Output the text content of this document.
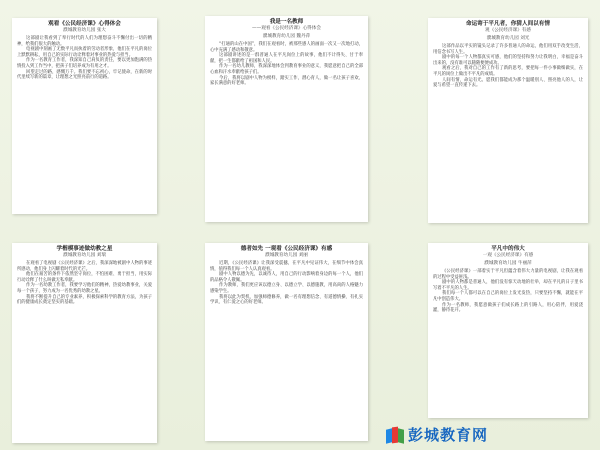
观看《公民经济课》心得体会

濮城教育幼儿园 张大

这部剧让我看到了奉行时代的人们为理想奋斗不懈付出一切的精神，给我们很大的触动。

电视剧中刻画了无数平凡而执着的劳动者形象，他们在平凡的岗位上默默耕耘，用自己的实际行动诠释着对事业的热爱与担当。

作为一名教育工作者，我深知自己肩负的责任，要以更加饱满的热情投入到工作当中，把孩子们培养成为有用之才。

回望走过的路，感慨万千。我们要不忘初心，牢记使命，在新的时代里续写新的篇章，让理想之光照亮前行的道路。

我是一名教师

——观看《公民经济课》心得体会

濮城教育幼儿园 魏丹萍

“打通的山在中国”，我们在观看时，被那些感人的画面一次又一次地打动，心中充满了感动和敬意。

这部剧讲述的是一群普通人在平凡岗位上的故事，他们不计得失、甘于奉献，把一生都献给了祖国和人民。

作为一名幼儿教师，我深深地体会到教育事业的意义，我愿意把自己的全部心血和汗水奉献给孩子们。

今后，我将以剧中人物为榜样，踏实工作，潜心育人，做一名让孩子喜欢、家长满意的好老师。

命运寄于平凡者，你猜人间以有情

观《公民经济课》有感

濮城教育幼儿园 刘光

这部作品以平实的镜头记录了许多普通人的命运，他们用双手改变生活，用信念书写人生。

剧中的每一个人物都真实可感，他们的坚持和努力让我明白，幸福是奋斗出来的，没有谁可以随随便便成功。

观看之后，我对自己的工作有了新的思考，要把每一件小事做细做实，在平凡的岗位上做出不平凡的成绩。

人间有情，命运有光。愿我们都能成为那个温暖别人、照亮他人的人，让爱与希望一直传递下去。

学楷模事迹做幼教之星

濮城教育幼儿园 刘瑞

在观看了电视剧《公民经济课》之后，我深深地被剧中人物的事迹所感动，他们身上闪耀着时代的光芒。

他们在艰苦的条件下依然坚守岗位，不怕困难、勇于担当，用实际行动诠释了什么叫做无私奉献。

作为一名幼教工作者，我要学习他们的精神，热爱幼教事业，关爱每一个孩子，努力成为一名优秀的幼教之星。

我将不断提升自己的专业素养，积极探索科学的教育方法，为孩子们的健康成长奠定坚实的基础。

德者如先 一观看《公民经济课》有感

濮城教育幼儿园 刘丽

近期，《公民经济课》让我深受震撼，在平凡中见证伟大，在细节中体会真情，值得我们每一个人认真观看。

剧中人物以德为先，以诚待人，用自己的行动影响着身边的每一个人，他们的品格令人敬佩。

作为教师，我们更应该以德立身、以德立学、以德施教，用高尚的人格魅力感染学生。

我将以此为契机，加强师德修养，做一名有理想信念、有道德情操、有扎实学识、有仁爱之心的好老师。

平凡中的伟大

一观《公民经济课》有感

濮城教育幼儿园 牛丽萍

《公民经济课》一部着实于平凡但蕴含着伟大力量的电视剧，让我在观看的过程中受益匪浅。

剧中的人物都是普通人，他们没有惊天动地的壮举，却在平凡的日子里书写着不平凡的人生。

我们每一个人都可以在自己的岗位上发光发热，只要坚持不懈，就能在平凡中创造伟大。

作为一名教师，我愿意做孩子们成长路上的引路人，用心陪伴，用爱浇灌，静待花开。

彭城教育网
